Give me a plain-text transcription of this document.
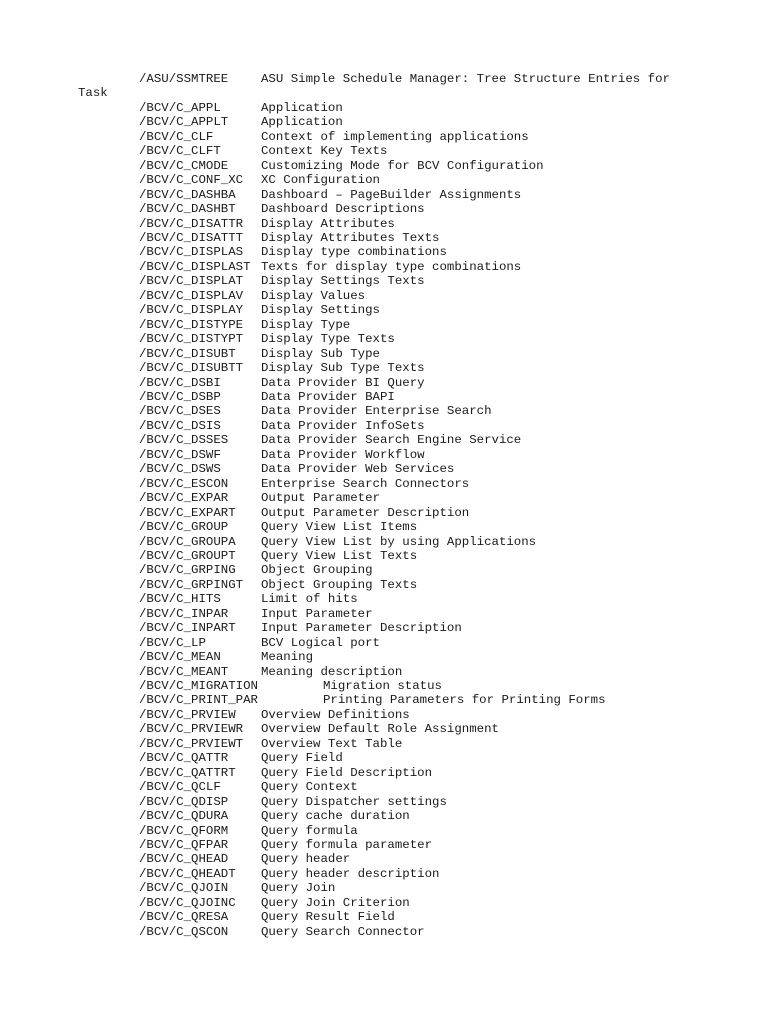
/ASU/SSMTREE	ASU Simple Schedule Manager: Tree Structure Entries for
Task
/BCV/C_APPL	Application
/BCV/C_APPLT	Application
/BCV/C_CLF	Context of implementing applications
/BCV/C_CLFT	Context Key Texts
/BCV/C_CMODE	Customizing Mode for BCV Configuration
/BCV/C_CONF_XC	XC Configuration
/BCV/C_DASHBA	Dashboard – PageBuilder Assignments
/BCV/C_DASHBT	Dashboard Descriptions
/BCV/C_DISATTR	Display Attributes
/BCV/C_DISATTT	Display Attributes Texts
/BCV/C_DISPLAS	Display type combinations
/BCV/C_DISPLAST Texts for display type combinations
/BCV/C_DISPLAT	Display Settings Texts
/BCV/C_DISPLAV	Display Values
/BCV/C_DISPLAY	Display Settings
/BCV/C_DISTYPE	Display Type
/BCV/C_DISTYPT	Display Type Texts
/BCV/C_DISUBT	Display Sub Type
/BCV/C_DISUBTT	Display Sub Type Texts
/BCV/C_DSBI	Data Provider BI Query
/BCV/C_DSBP	Data Provider BAPI
/BCV/C_DSES	Data Provider Enterprise Search
/BCV/C_DSIS	Data Provider InfoSets
/BCV/C_DSSES	Data Provider Search Engine Service
/BCV/C_DSWF	Data Provider Workflow
/BCV/C_DSWS	Data Provider Web Services
/BCV/C_ESCON	Enterprise Search Connectors
/BCV/C_EXPAR	Output Parameter
/BCV/C_EXPART	Output Parameter Description
/BCV/C_GROUP	Query View List Items
/BCV/C_GROUPA	Query View List by using Applications
/BCV/C_GROUPT	Query View List Texts
/BCV/C_GRPING	Object Grouping
/BCV/C_GRPINGT	Object Grouping Texts
/BCV/C_HITS	Limit of hits
/BCV/C_INPAR	Input Parameter
/BCV/C_INPART	Input Parameter Description
/BCV/C_LP	BCV Logical port
/BCV/C_MEAN	Meaning
/BCV/C_MEANT	Meaning description
/BCV/C_MIGRATION	Migration status
/BCV/C_PRINT_PAR	Printing Parameters for Printing Forms
/BCV/C_PRVIEW	Overview Definitions
/BCV/C_PRVIEWR	Overview Default Role Assignment
/BCV/C_PRVIEWT	Overview Text Table
/BCV/C_QATTR	Query Field
/BCV/C_QATTRT	Query Field Description
/BCV/C_QCLF	Query Context
/BCV/C_QDISP	Query Dispatcher settings
/BCV/C_QDURA	Query cache duration
/BCV/C_QFORM	Query formula
/BCV/C_QFPAR	Query formula parameter
/BCV/C_QHEAD	Query header
/BCV/C_QHEADT	Query header description
/BCV/C_QJOIN	Query Join
/BCV/C_QJOINC	Query Join Criterion
/BCV/C_QRESA	Query Result Field
/BCV/C_QSCON	Query Search Connector
